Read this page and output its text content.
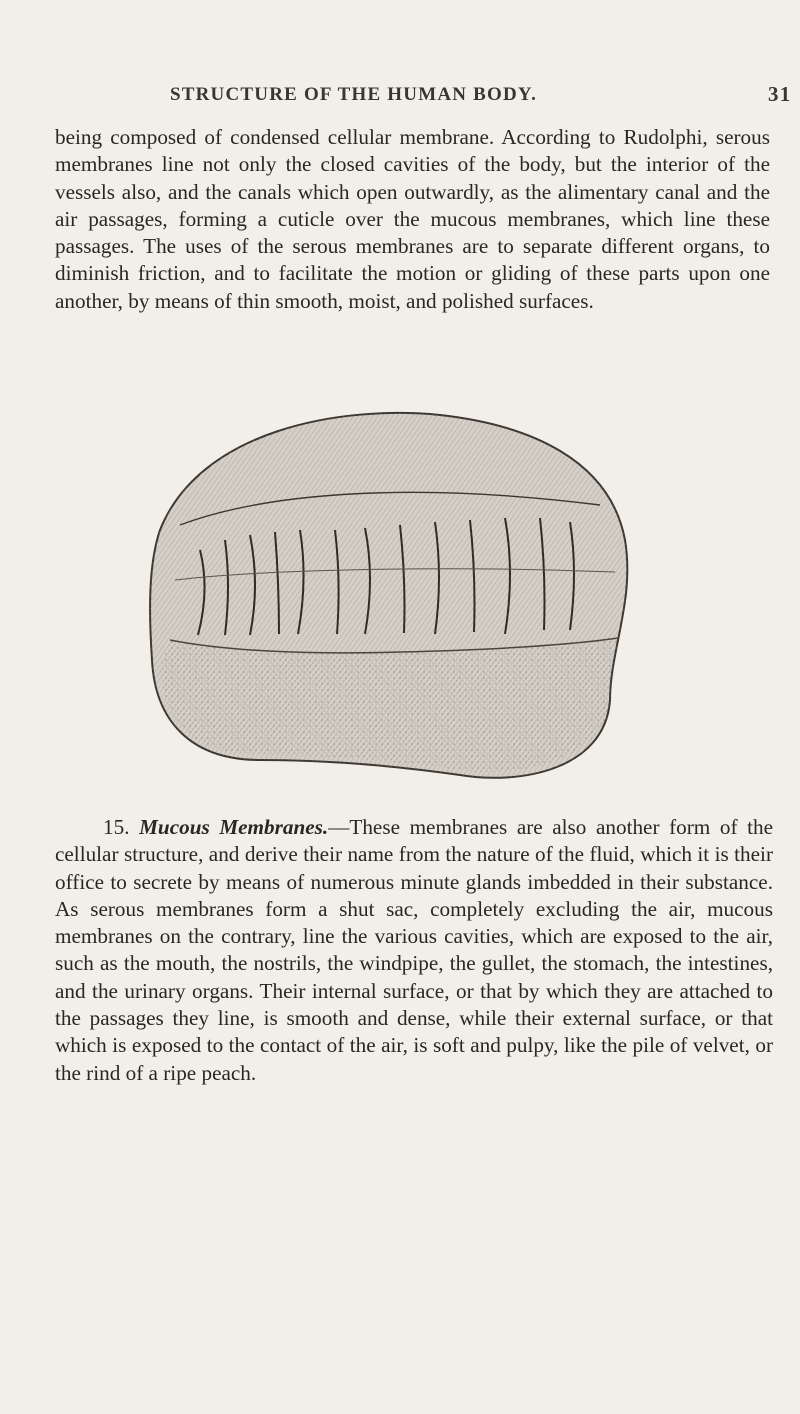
STRUCTURE OF THE HUMAN BODY.	31

being composed of condensed cellular membrane. According to Rudolphi, serous membranes line not only the closed cavities of the body, but the interior of the vessels also, and the canals which open outwardly, as the alimentary canal and the air passages, forming a cuticle over the mucous membranes, which line these passages. The uses of the serous membranes are to separate different organs, to diminish friction, and to facilitate the motion or gliding of these parts upon one another, by means of thin smooth, moist, and polished surfaces.

15. Mucous Membranes.—These membranes are also another form of the cellular structure, and derive their name from the nature of the fluid, which it is their office to secrete by means of numerous minute glands imbedded in their substance. As serous membranes form a shut sac, completely excluding the air, mucous membranes on the contrary, line the various cavities, which are exposed to the air, such as the mouth, the nostrils, the windpipe, the gullet, the stomach, the intestines, and the urinary organs. Their internal surface, or that by which they are attached to the passages they line, is smooth and dense, while their external surface, or that which is exposed to the contact of the air, is soft and pulpy, like the pile of velvet, or the rind of a ripe peach.
